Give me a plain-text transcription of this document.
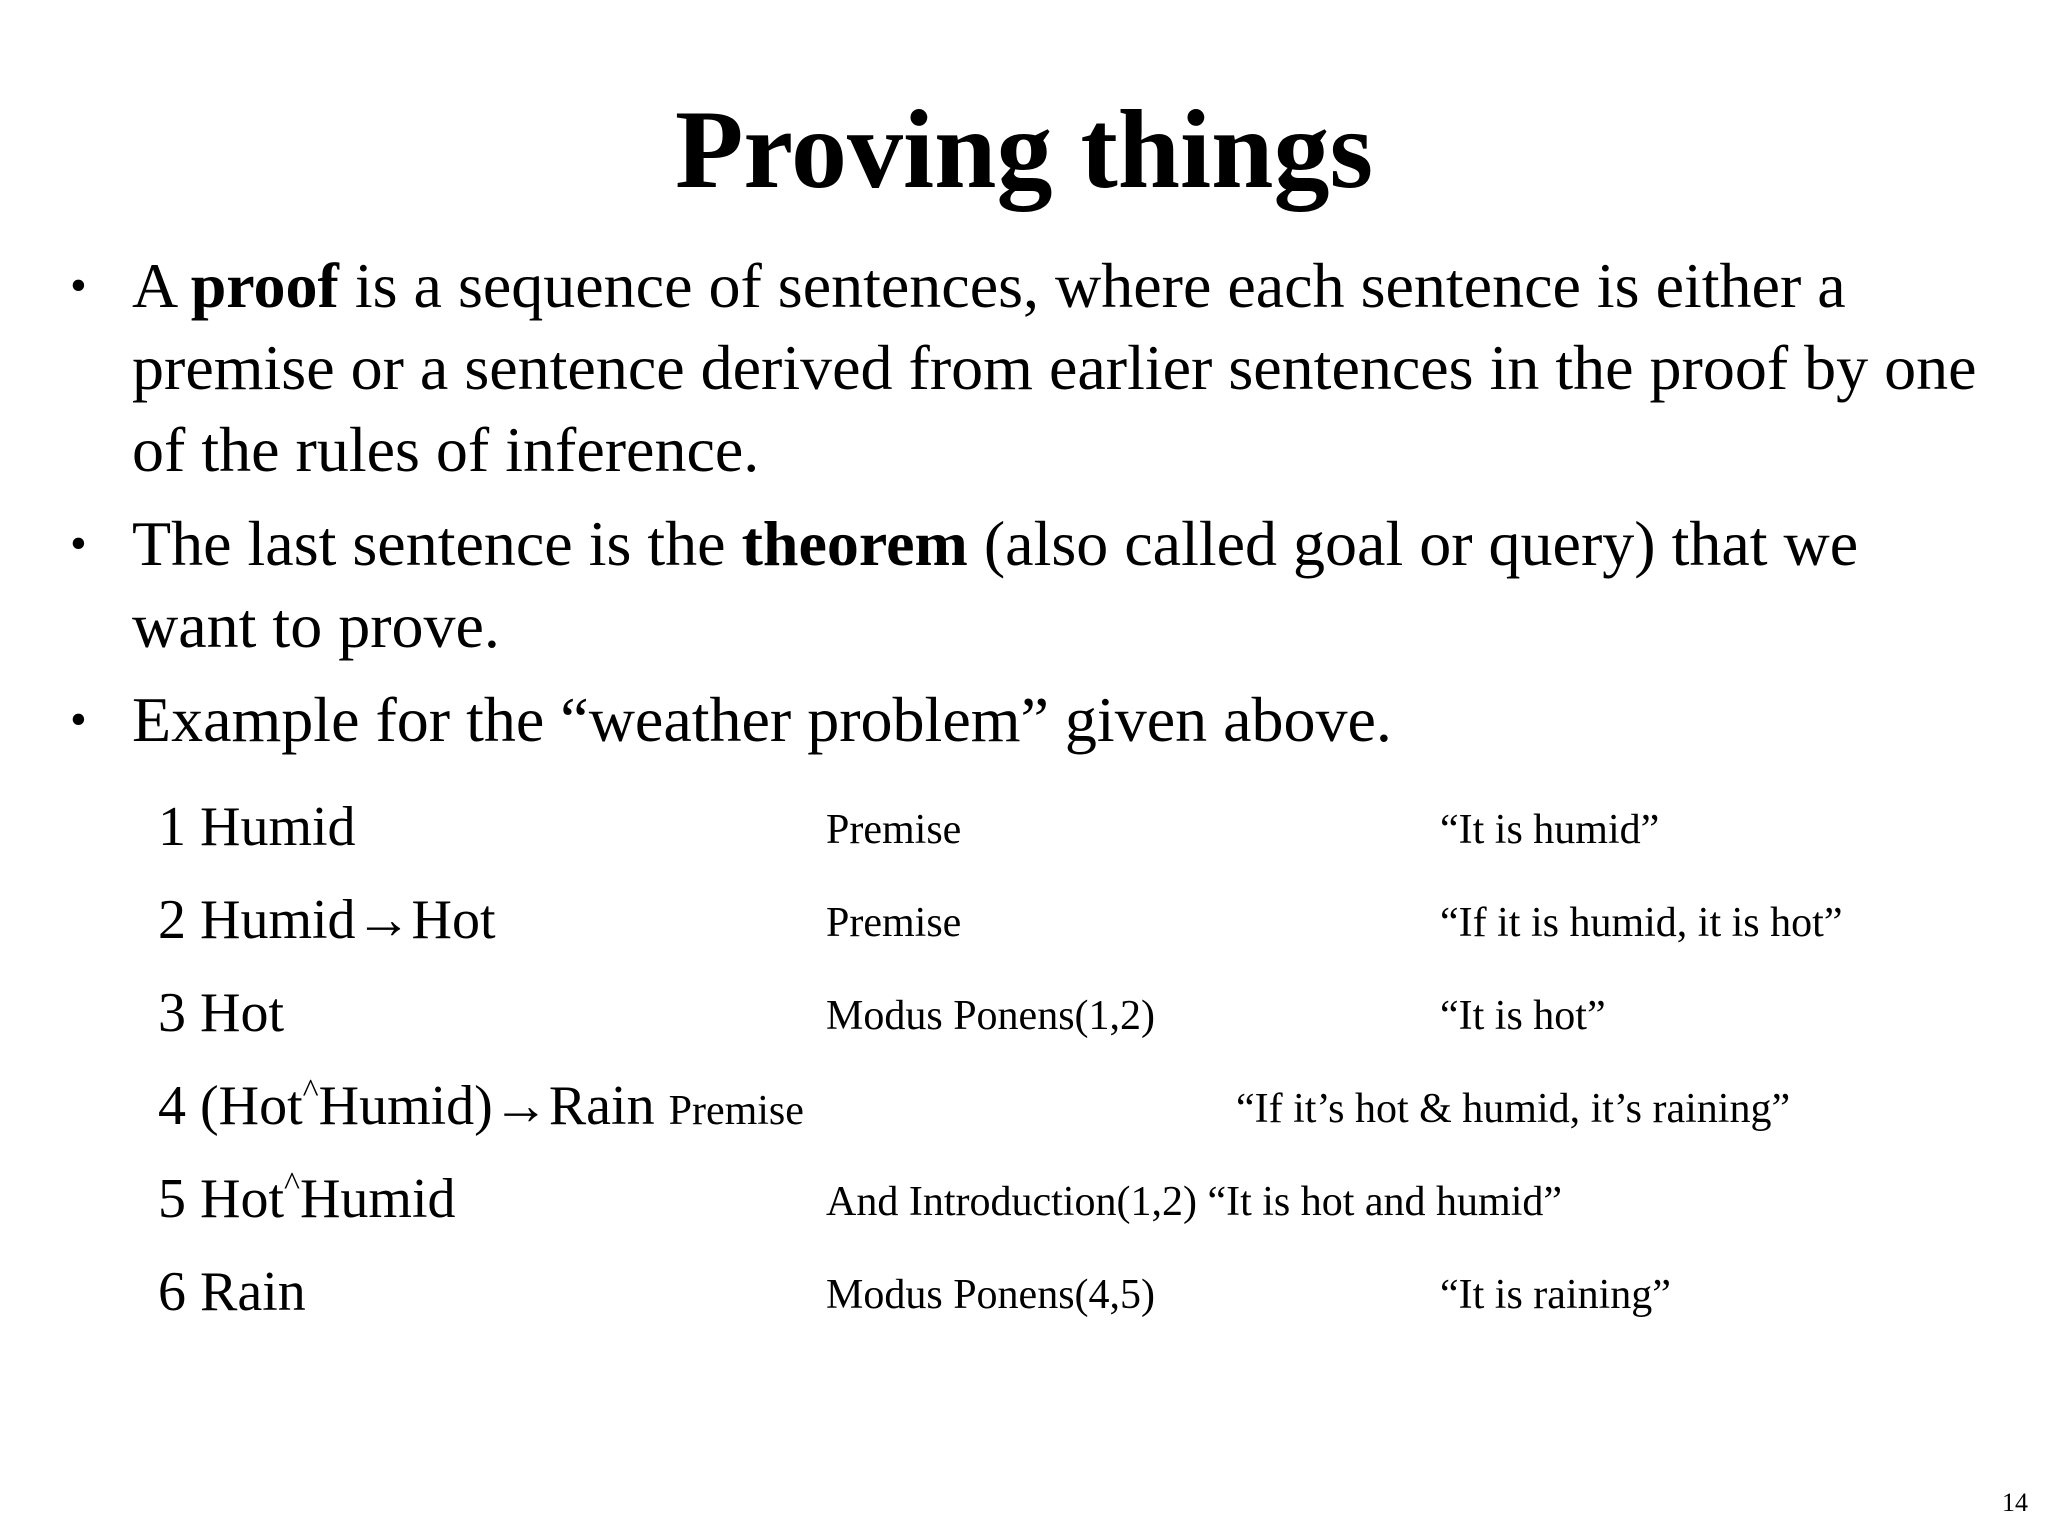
Proving things
• A proof is a sequence of sentences, where each sentence is either a premise or a sentence derived from earlier sentences in the proof by one of the rules of inference.
• The last sentence is the theorem (also called goal or query) that we want to prove.
• Example for the “weather problem” given above.
1 Humid	Premise	“It is humid”
2 Humid→Hot	Premise	“If it is humid, it is hot”
3 Hot	Modus Ponens(1,2)	“It is hot”
4 (Hot^Humid)→Rain Premise	“If it’s hot & humid, it’s raining”
5 Hot^Humid	And Introduction(1,2) “It is hot and humid”
6 Rain	Modus Ponens(4,5)	“It is raining”
14
